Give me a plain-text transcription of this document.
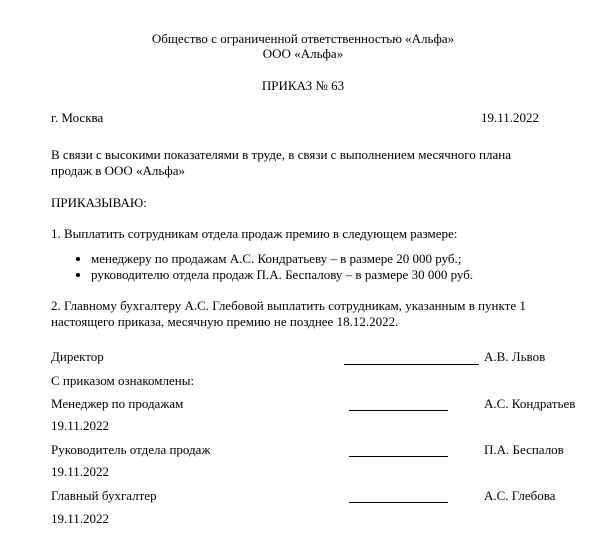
Общество с ограниченной ответственностью «Альфа»
ООО «Альфа»
ПРИКАЗ № 63
г. Москва	19.11.2022
В связи с высокими показателями в труде, в связи с выполнением месячного плана
продаж в ООО «Альфа»
ПРИКАЗЫВАЮ:
1. Выплатить сотрудникам отдела продаж премию в следующем размере:
менеджеру по продажам А.С. Кондратьеву – в размере 20 000 руб.;
руководителю отдела продаж П.А. Беспалову – в размере 30 000 руб.
2. Главному бухгалтеру А.С. Глебовой выплатить сотрудникам, указанным в пункте 1
настоящего приказа, месячную премию не позднее 18.12.2022.
Директор	А.В. Львов
С приказом ознакомлены:
Менеджер по продажам	А.С. Кондратьев
19.11.2022
Руководитель отдела продаж	П.А. Беспалов
19.11.2022
Главный бухгалтер	А.С. Глебова
19.11.2022
